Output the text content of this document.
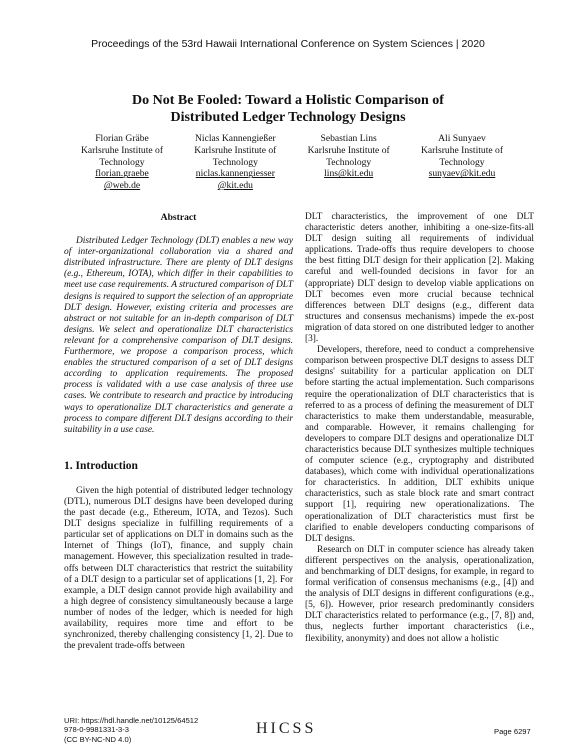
Proceedings of the 53rd Hawaii International Conference on System Sciences | 2020
Do Not Be Fooled: Toward a Holistic Comparison of
Distributed Ledger Technology Designs
Florian Gräbe
Karlsruhe Institute of
Technology
florian.graebe
@web.de
Niclas Kannengießer
Karlsruhe Institute of
Technology
niclas.kannengiesser
@kit.edu
Sebastian Lins
Karlsruhe Institute of
Technology
lins@kit.edu
Ali Sunyaev
Karlsruhe Institute of
Technology
sunyaev@kit.edu
Abstract

Distributed Ledger Technology (DLT) enables a new way of inter-organizational collaboration via a shared and distributed infrastructure. There are plenty of DLT designs (e.g., Ethereum, IOTA), which differ in their capabilities to meet use case requirements. A structured comparison of DLT designs is required to support the selection of an appropriate DLT design. However, existing criteria and processes are abstract or not suitable for an in-depth comparison of DLT designs. We select and operationalize DLT characteristics relevant for a comprehensive comparison of DLT designs. Furthermore, we propose a comparison process, which enables the structured comparison of a set of DLT designs according to application requirements. The proposed process is validated with a use case analysis of three use cases. We contribute to research and practice by introducing ways to operationalize DLT characteristics and generate a process to compare different DLT designs according to their suitability in a use case.

1. Introduction

Given the high potential of distributed ledger technology (DTL), numerous DLT designs have been developed during the past decade (e.g., Ethereum, IOTA, and Tezos). Such DLT designs specialize in fulfilling requirements of a particular set of applications on DLT in domains such as the Internet of Things (IoT), finance, and supply chain management. However, this specialization resulted in trade-offs between DLT characteristics that restrict the suitability of a DLT design to a particular set of applications [1, 2]. For example, a DLT design cannot provide high availability and a high degree of consistency simultaneously because a large number of nodes of the ledger, which is needed for high availability, requires more time and effort to be synchronized, thereby challenging consistency [1, 2]. Due to the prevalent trade-offs between

DLT characteristics, the improvement of one DLT characteristic deters another, inhibiting a one-size-fits-all DLT design suiting all requirements of individual applications. Trade-offs thus require developers to choose the best fitting DLT design for their application [2]. Making careful and well-founded decisions in favor for an (appropriate) DLT design to develop viable applications on DLT becomes even more crucial because technical differences between DLT designs (e.g., different data structures and consensus mechanisms) impede the ex-post migration of data stored on one distributed ledger to another [3].

Developers, therefore, need to conduct a comprehensive comparison between prospective DLT designs to assess DLT designs' suitability for a particular application on DLT before starting the actual implementation. Such comparisons require the operationalization of DLT characteristics that is referred to as a process of defining the measurement of DLT characteristics to make them understandable, measurable, and comparable. However, it remains challenging for developers to compare DLT designs and operationalize DLT characteristics because DLT synthesizes multiple techniques of computer science (e.g., cryptography and distributed databases), which come with individual operationalizations for characteristics. In addition, DLT exhibits unique characteristics, such as stale block rate and smart contract support [1], requiring new operationalizations. The operationalization of DLT characteristics must first be clarified to enable developers conducting comparisons of DLT designs.

Research on DLT in computer science has already taken different perspectives on the analysis, operationalization, and benchmarking of DLT designs, for example, in regard to formal verification of consensus mechanisms (e.g., [4]) and the analysis of DLT designs in different configurations (e.g., [5, 6]). However, prior research predominantly considers DLT characteristics related to performance (e.g., [7, 8]) and, thus, neglects further important characteristics (i.e., flexibility, anonymity) and does not allow a holistic

URI: https://hdl.handle.net/10125/64512
978-0-9981331-3-3
(CC BY-NC-ND 4.0)
HICSS	Page 6297
